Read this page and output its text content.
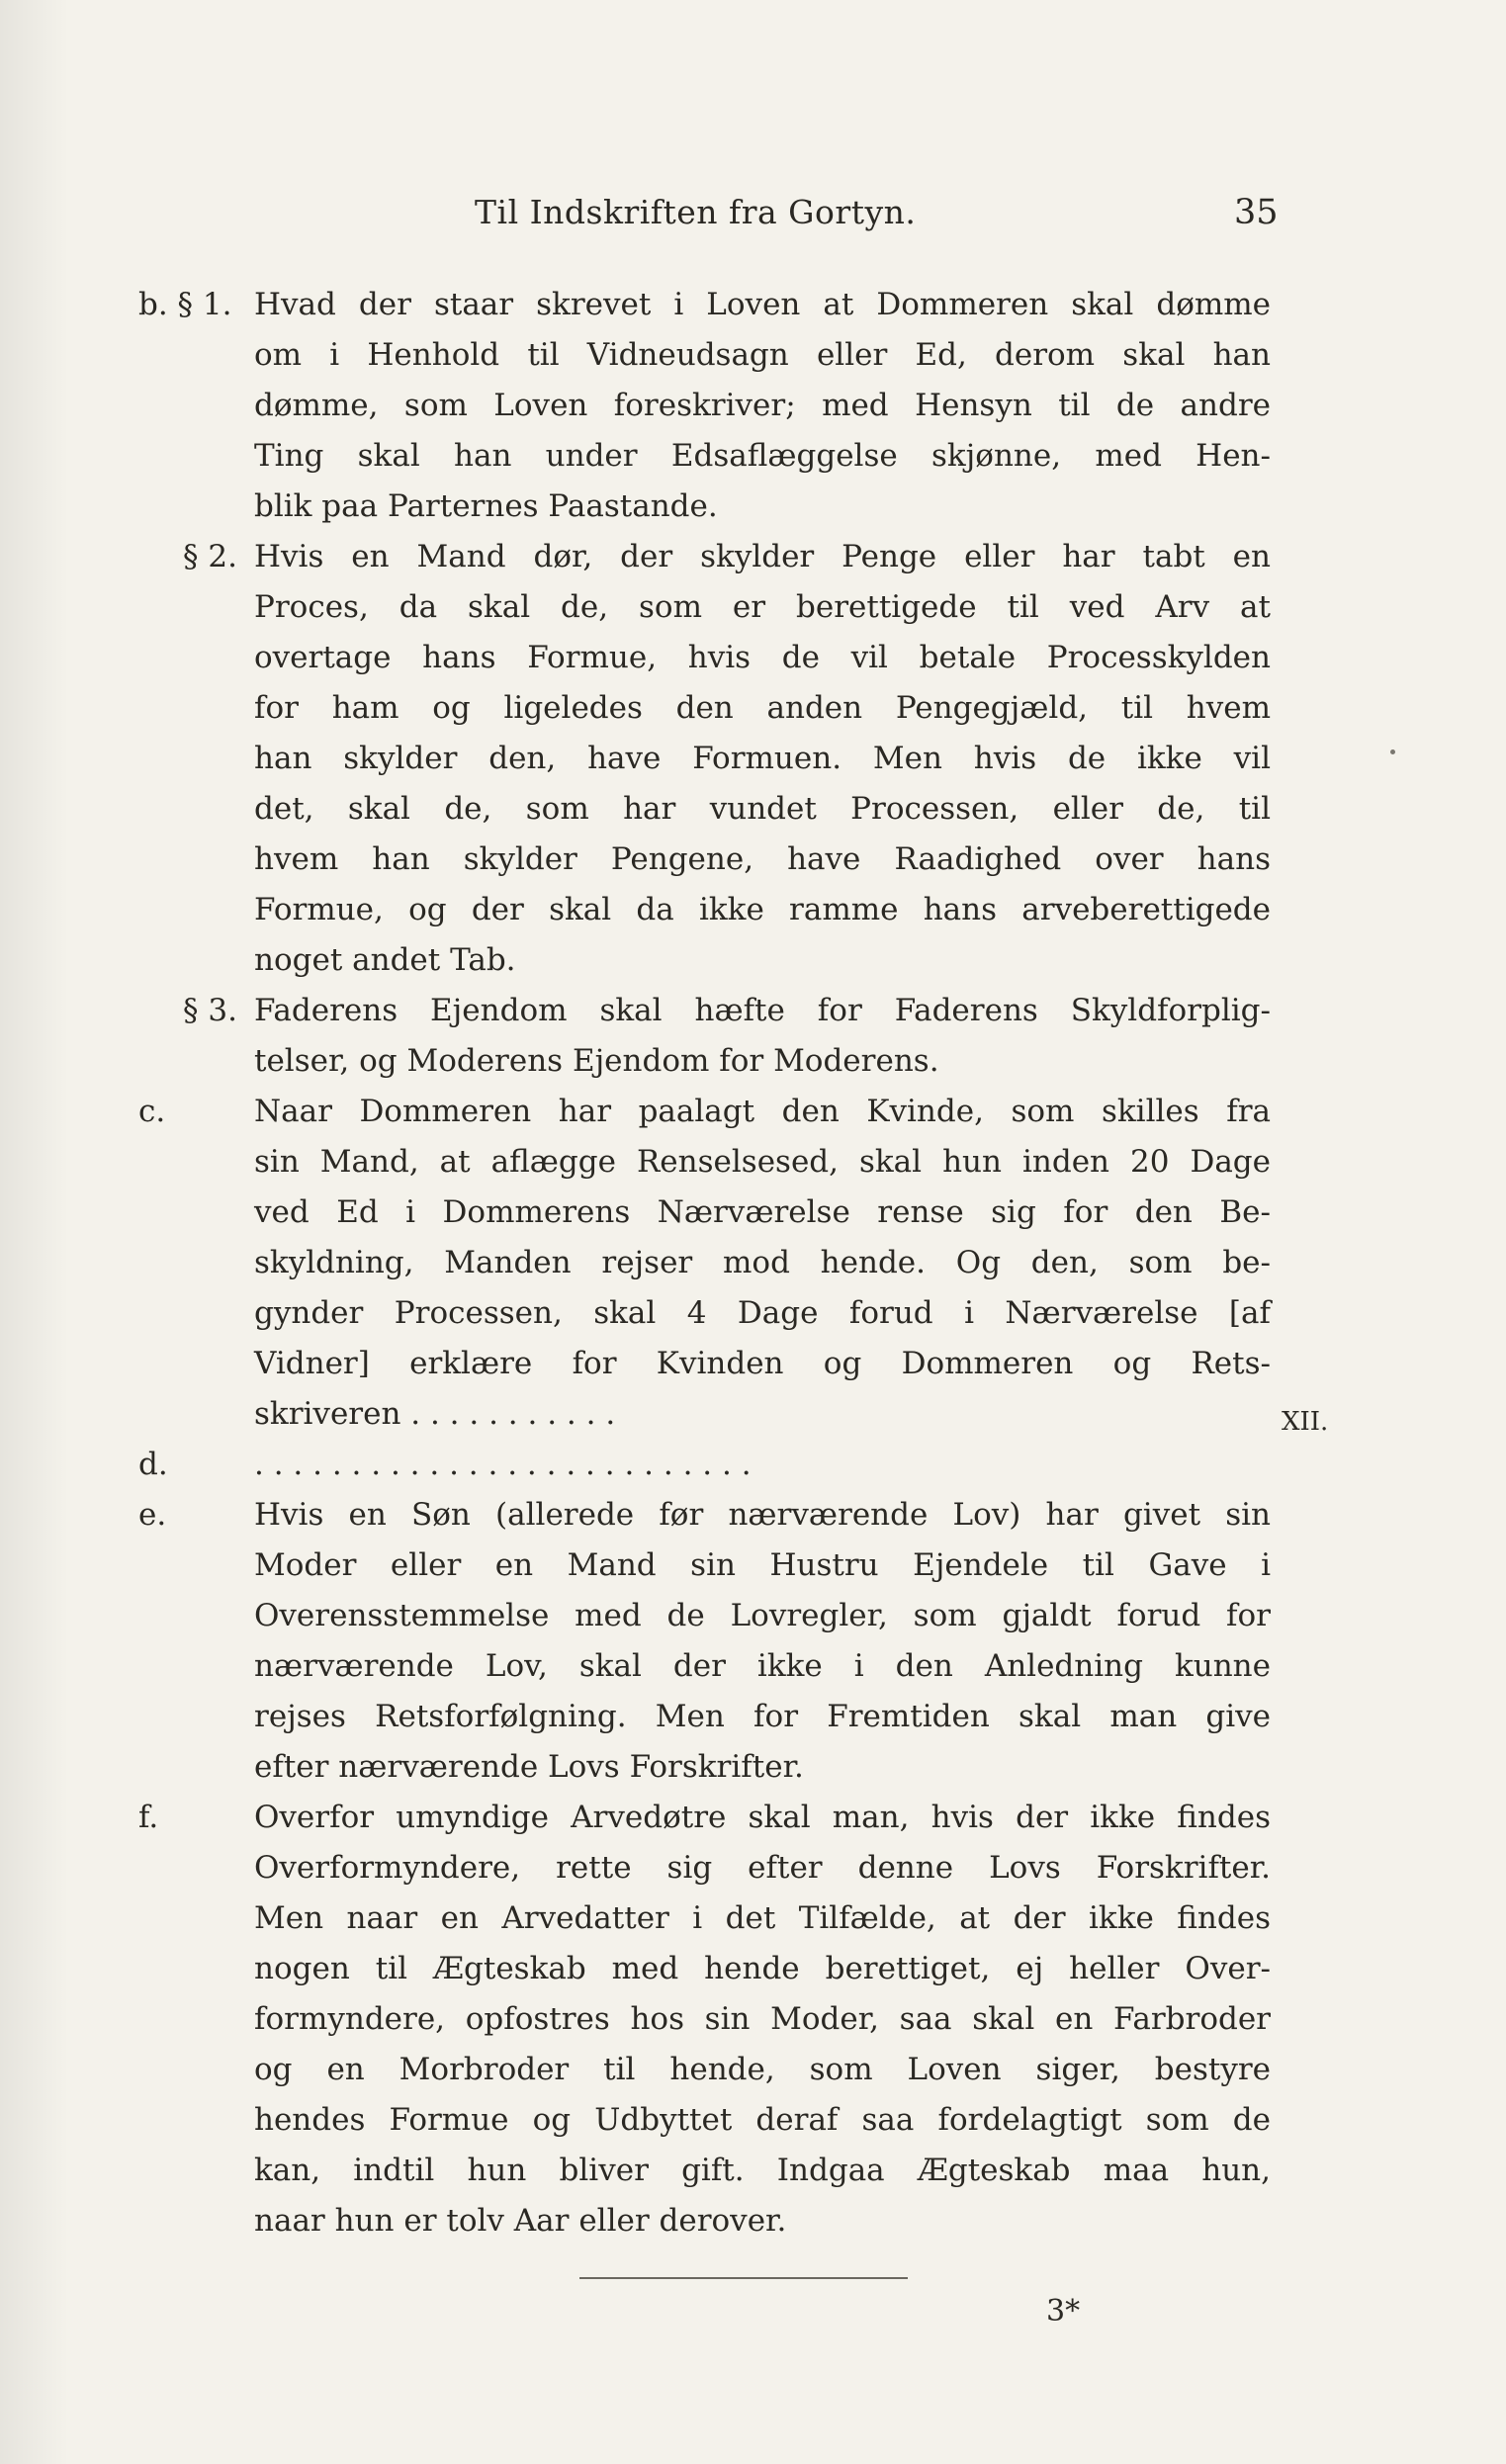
Til Indskriften fra Gortyn.	35
b. § 1. Hvad der staar skrevet i Loven at Dommeren skal dømme
om i Henhold til Vidneudsagn eller Ed, derom skal han
dømme, som Loven foreskriver; med Hensyn til de andre
Ting skal han under Edsaflæggelse skjønne, med Hen-
blik paa Parternes Paastande.
§ 2. Hvis en Mand dør, der skylder Penge eller har tabt en
Proces, da skal de, som er berettigede til ved Arv at
overtage hans Formue, hvis de vil betale Processkylden
for ham og ligeledes den anden Pengegjæld, til hvem
han skylder den, have Formuen. Men hvis de ikke vil
det, skal de, som har vundet Processen, eller de, til
hvem han skylder Pengene, have Raadighed over hans
Formue, og der skal da ikke ramme hans arveberettigede
noget andet Tab.
§ 3. Faderens Ejendom skal hæfte for Faderens Skyldforplig-
telser, og Moderens Ejendom for Moderens.
c.	Naar Dommeren har paalagt den Kvinde, som skilles fra
sin Mand, at aflægge Renselsesed, skal hun inden 20 Dage
ved Ed i Dommerens Nærværelse rense sig for den Be-
skyldning, Manden rejser mod hende. Og den, som be-
gynder Processen, skal 4 Dage forud i Nærværelse [af
Vidner] erklære for Kvinden og Dommeren og Rets-
skriveren . . . . . . . . . . .
d.	. . . . . . . . . . . . . . . . . . . . . . . . . .
e.	Hvis en Søn (allerede før nærværende Lov) har givet sin
Moder eller en Mand sin Hustru Ejendele til Gave i
Overensstemmelse med de Lovregler, som gjaldt forud for
nærværende Lov, skal der ikke i den Anledning kunne
rejses Retsforfølgning. Men for Fremtiden skal man give
efter nærværende Lovs Forskrifter.
f.	Overfor umyndige Arvedøtre skal man, hvis der ikke findes
Overformyndere, rette sig efter denne Lovs Forskrifter.
Men naar en Arvedatter i det Tilfælde, at der ikke findes
nogen til Ægteskab med hende berettiget, ej heller Over-
formyndere, opfostres hos sin Moder, saa skal en Farbroder
og en Morbroder til hende, som Loven siger, bestyre
hendes Formue og Udbyttet deraf saa fordelagtigt som de
kan, indtil hun bliver gift. Indgaa Ægteskab maa hun,
naar hun er tolv Aar eller derover.
XII.
3*
